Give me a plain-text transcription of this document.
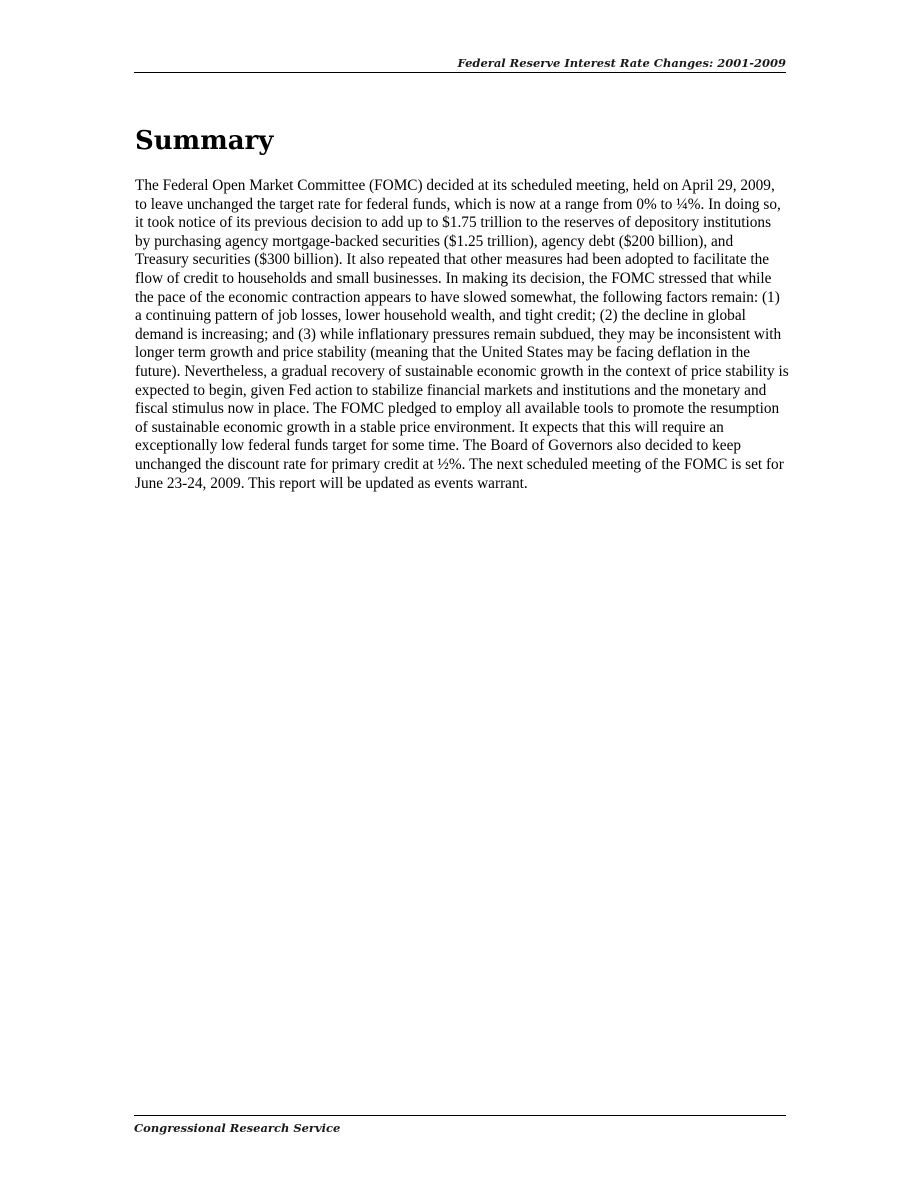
Federal Reserve Interest Rate Changes: 2001-2009
Summary

The Federal Open Market Committee (FOMC) decided at its scheduled meeting, held on April 29, 2009, to leave unchanged the target rate for federal funds, which is now at a range from 0% to ¼%. In doing so, it took notice of its previous decision to add up to $1.75 trillion to the reserves of depository institutions by purchasing agency mortgage-backed securities ($1.25 trillion), agency debt ($200 billion), and Treasury securities ($300 billion). It also repeated that other measures had been adopted to facilitate the flow of credit to households and small businesses. In making its decision, the FOMC stressed that while the pace of the economic contraction appears to have slowed somewhat, the following factors remain: (1) a continuing pattern of job losses, lower household wealth, and tight credit; (2) the decline in global demand is increasing; and (3) while inflationary pressures remain subdued, they may be inconsistent with longer term growth and price stability (meaning that the United States may be facing deflation in the future). Nevertheless, a gradual recovery of sustainable economic growth in the context of price stability is expected to begin, given Fed action to stabilize financial markets and institutions and the monetary and fiscal stimulus now in place. The FOMC pledged to employ all available tools to promote the resumption of sustainable economic growth in a stable price environment. It expects that this will require an exceptionally low federal funds target for some time. The Board of Governors also decided to keep unchanged the discount rate for primary credit at ½%. The next scheduled meeting of the FOMC is set for June 23-24, 2009. This report will be updated as events warrant.

Congressional Research Service
